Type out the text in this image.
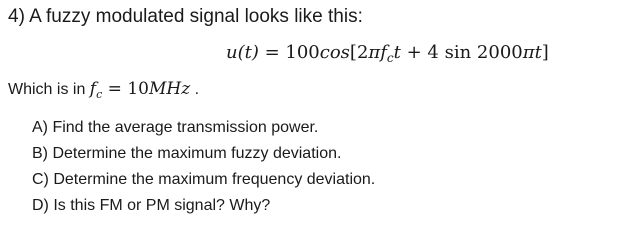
4) A fuzzy modulated signal looks like this:
$u(t) = 100\cos[2\pi f_ct + 4$ sin 2000πt]
Which is in $f_c = 10MHz$ .
A) Find the average transmission power.
B) Determine the maximum fuzzy deviation.
C) Determine the maximum frequency deviation.
D) Is this FM or PM signal? Why?
